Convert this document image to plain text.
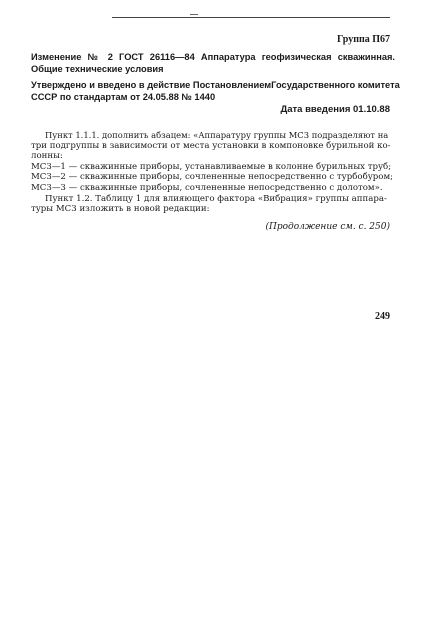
Группа П67
Изменение № 2 ГОСТ 26116—84 Аппаратура геофизическая скважинная. Общие технические условия
Утверждено и введено в действие Постановлением Государственного комитета
СССР по стандартам от 24.05.88 № 1440
Дата введения 01.10.88
Пункт 1.1.1. дополнить абзацем: «Аппаратуру группы МС3 подразделяют на
три подгруппы в зависимости от места установки в компоновке бурильной ко-
лонны:
МС3—1 — скважинные приборы, устанавливаемые в колонне бурильных труб;
МС3—2 — скважинные приборы, сочлененные непосредственно с турбобуром;
МС3—3 — скважинные приборы, сочлененные непосредственно с долотом».
Пункт 1.2. Таблицу 1 для влияющего фактора «Вибрация» группы аппара-
туры МС3 изложить в новой редакции:
(Продолжение см. с. 250)
249
